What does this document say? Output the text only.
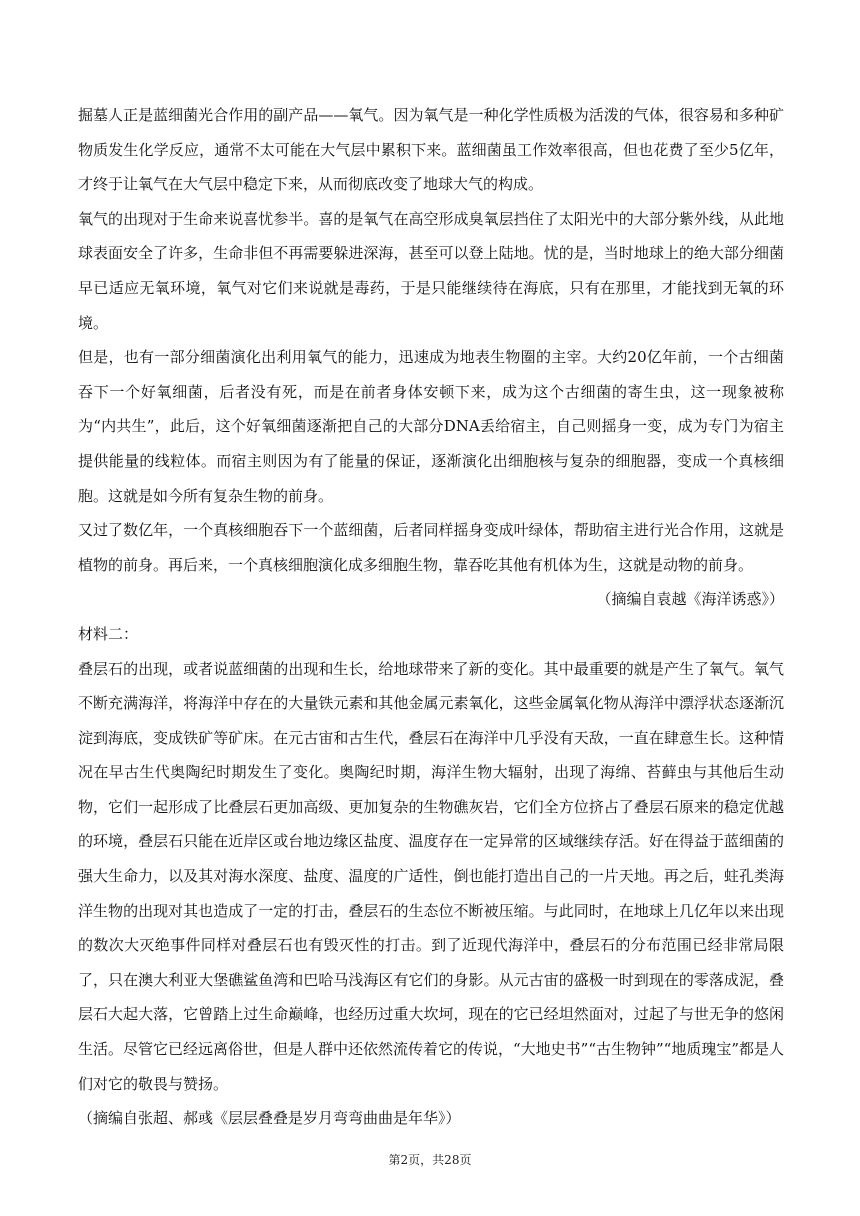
掘墓人正是蓝细菌光合作用的副产品——氧气。因为氧气是一种化学性质极为活泼的气体，很容易和多种矿物质发生化学反应，通常不太可能在大气层中累积下来。蓝细菌虽工作效率很高，但也花费了至少5亿年，才终于让氧气在大气层中稳定下来，从而彻底改变了地球大气的构成。

氧气的出现对于生命来说喜忧参半。喜的是氧气在高空形成臭氧层挡住了太阳光中的大部分紫外线，从此地球表面安全了许多，生命非但不再需要躲进深海，甚至可以登上陆地。忧的是，当时地球上的绝大部分细菌早已适应无氧环境，氧气对它们来说就是毒药，于是只能继续待在海底，只有在那里，才能找到无氧的环境。

但是，也有一部分细菌演化出利用氧气的能力，迅速成为地表生物圈的主宰。大约20亿年前，一个古细菌吞下一个好氧细菌，后者没有死，而是在前者身体安顿下来，成为这个古细菌的寄生虫，这一现象被称为“内共生”，此后，这个好氧细菌逐渐把自己的大部分DNA丢给宿主，自己则摇身一变，成为专门为宿主提供能量的线粒体。而宿主则因为有了能量的保证，逐渐演化出细胞核与复杂的细胞器，变成一个真核细胞。这就是如今所有复杂生物的前身。

又过了数亿年，一个真核细胞吞下一个蓝细菌，后者同样摇身变成叶绿体，帮助宿主进行光合作用，这就是植物的前身。再后来，一个真核细胞演化成多细胞生物，靠吞吃其他有机体为生，这就是动物的前身。

（摘编自袁越《海洋诱惑》）

材料二：

叠层石的出现，或者说蓝细菌的出现和生长，给地球带来了新的变化。其中最重要的就是产生了氧气。氧气不断充满海洋，将海洋中存在的大量铁元素和其他金属元素氧化，这些金属氧化物从海洋中漂浮状态逐渐沉淀到海底，变成铁矿等矿床。在元古宙和古生代，叠层石在海洋中几乎没有天敌，一直在肆意生长。这种情况在早古生代奥陶纪时期发生了变化。奥陶纪时期，海洋生物大辐射，出现了海绵、苔藓虫与其他后生动物，它们一起形成了比叠层石更加高级、更加复杂的生物礁灰岩，它们全方位挤占了叠层石原来的稳定优越的环境，叠层石只能在近岸区或台地边缘区盐度、温度存在一定异常的区域继续存活。好在得益于蓝细菌的强大生命力，以及其对海水深度、盐度、温度的广适性，倒也能打造出自己的一片天地。再之后，蛀孔类海洋生物的出现对其也造成了一定的打击，叠层石的生态位不断被压缩。与此同时，在地球上几亿年以来出现的数次大灭绝事件同样对叠层石也有毁灭性的打击。到了近现代海洋中，叠层石的分布范围已经非常局限了，只在澳大利亚大堡礁鲨鱼湾和巴哈马浅海区有它们的身影。从元古宙的盛极一时到现在的零落成泥，叠层石大起大落，它曾踏上过生命巅峰，也经历过重大坎坷，现在的它已经坦然面对，过起了与世无争的悠闲生活。尽管它已经远离俗世，但是人群中还依然流传着它的传说，“大地史书”“古生物钟”“地质瑰宝”都是人们对它的敬畏与赞扬。

（摘编自张超、郝彧《层层叠叠是岁月弯弯曲曲是年华》）

第2页，共28页
